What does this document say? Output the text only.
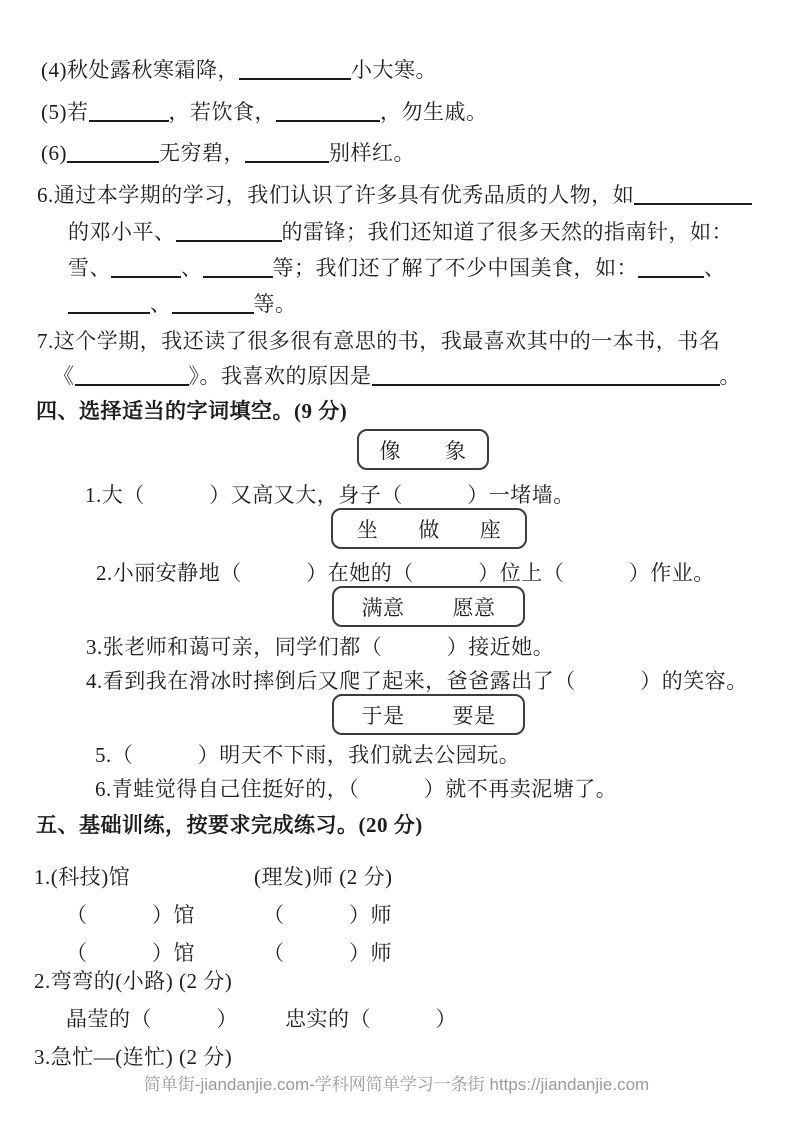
(4)秋处露秋寒霜降，	小大寒。
(5)若	，若饮食，	，勿生戚。
(6)	无穷碧，	别样红。
6.通过本学期的学习，我们认识了许多具有优秀品质的人物，如
的邓小平、	的雷锋；我们还知道了很多天然的指南针，如：
雪、	、	等；我们还了解了不少中国美食，如：	、
、	等。
7.这个学期，我还读了很多很有意思的书，我最喜欢其中的一本书，书名
《	》。我喜欢的原因是	。
四、选择适当的字词填空。(9 分)
像 象
1.大（　　　）又高又大，身子（　　　）一堵墙。
坐 做 座
2.小丽安静地（　　　）在她的（　　　）位上（　　　）作业。
满意 愿意
3.张老师和蔼可亲，同学们都（　　　）接近她。
4.看到我在滑冰时摔倒后又爬了起来，爸爸露出了（　　　）的笑容。
于是 要是
5.（　　　）明天不下雨，我们就去公园玩。
6.青蛙觉得自己住挺好的，（　　　）就不再卖泥塘了。
五、基础训练，按要求完成练习。(20 分)
1.(科技)馆	(理发)师 (2 分)
（　　　）馆	（　　　）师
（　　　）馆	（　　　）师
2.弯弯的(小路) (2 分)
晶莹的（　　　） 忠实的（　　　）
3.急忙—(连忙) (2 分)
简单街-jiandanjie.com-学科网简单学习一条街 https://jiandanjie.com
